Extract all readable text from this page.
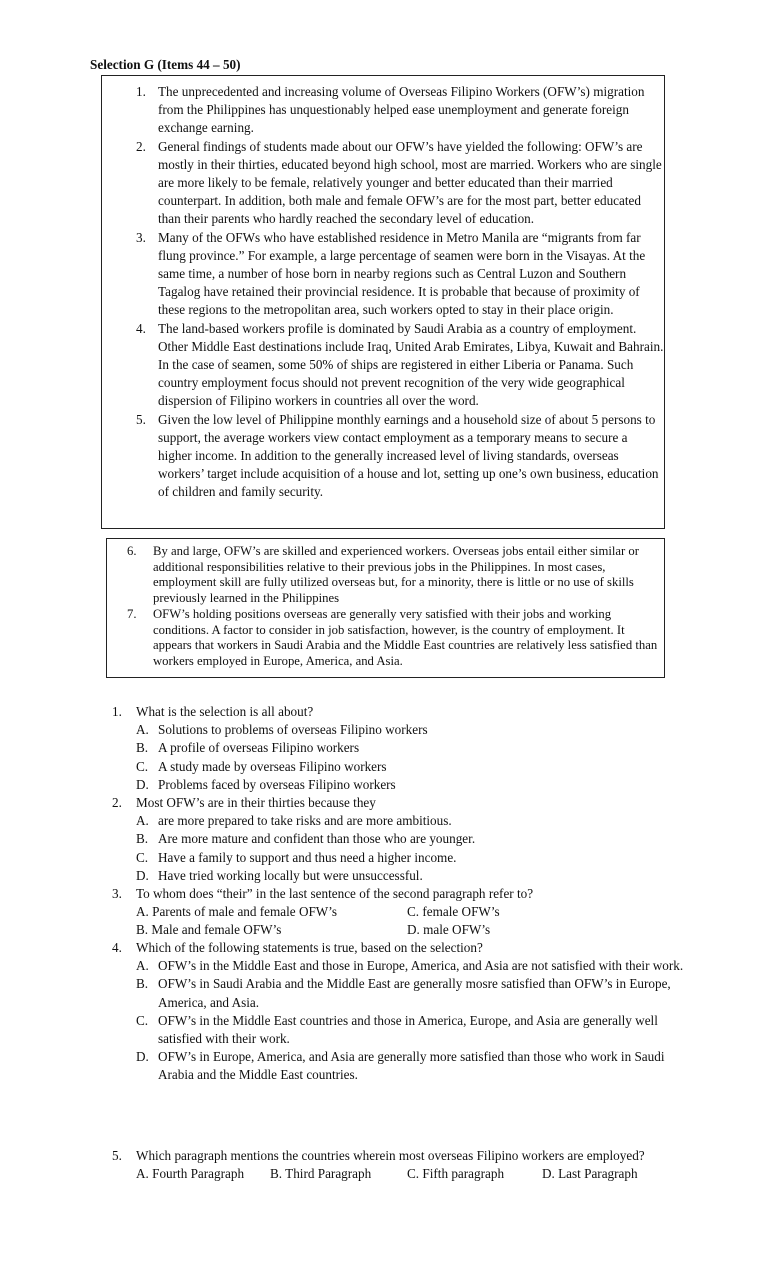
Selection G (Items 44 – 50)
1. The unprecedented and increasing volume of Overseas Filipino Workers (OFW’s) migration from the Philippines has unquestionably helped ease unemployment and generate foreign exchange earning.
2. General findings of students made about our OFW’s have yielded the following: OFW’s are mostly in their thirties, educated beyond high school, most are married. Workers who are single are more likely to be female, relatively younger and better educated than their married counterpart. In addition, both male and female OFW’s are for the most part, better educated than their parents who hardly reached the secondary level of education.
3. Many of the OFWs who have established residence in Metro Manila are “migrants from far flung province.” For example, a large percentage of seamen were born in the Visayas. At the same time, a number of hose born in nearby regions such as Central Luzon and Southern Tagalog have retained their provincial residence. It is probable that because of proximity of these regions to the metropolitan area, such workers opted to stay in their place origin.
4. The land-based workers profile is dominated by Saudi Arabia as a country of employment. Other Middle East destinations include Iraq, United Arab Emirates, Libya, Kuwait and Bahrain. In the case of seamen, some 50% of ships are registered in either Liberia or Panama. Such country employment focus should not prevent recognition of the very wide geographical dispersion of Filipino workers in countries all over the word.
5. Given the low level of Philippine monthly earnings and a household size of about 5 persons to support, the average workers view contact employment as a temporary means to secure a higher income. In addition to the generally increased level of living standards, overseas workers’ target include acquisition of a house and lot, setting up one’s own business, education of children and family security.
6. By and large, OFW’s are skilled and experienced workers. Overseas jobs entail either similar or additional responsibilities relative to their previous jobs in the Philippines. In most cases, employment skill are fully utilized overseas but, for a minority, there is little or no use of skills previously learned in the Philippines
7. OFW’s holding positions overseas are generally very satisfied with their jobs and working conditions. A factor to consider in job satisfaction, however, is the country of employment. It appears that workers in Saudi Arabia and the Middle East countries are relatively less satisfied than workers employed in Europe, America, and Asia.
1. What is the selection is all about?
A. Solutions to problems of overseas Filipino workers
B. A profile of overseas Filipino workers
C. A study made by overseas Filipino workers
D. Problems faced by overseas Filipino workers
2. Most OFW’s are in their thirties because they
A. are more prepared to take risks and are more ambitious.
B. Are more mature and confident than those who are younger.
C. Have a family to support and thus need a higher income.
D. Have tried working locally but were unsuccessful.
3. To whom does “their” in the last sentence of the second paragraph refer to?
A. Parents of male and female OFW’s	C. female OFW’s
B. Male and female OFW’s	D. male OFW’s
4. Which of the following statements is true, based on the selection?
A. OFW’s in the Middle East and those in Europe, America, and Asia are not satisfied with their work.
B. OFW’s in Saudi Arabia and the Middle East are generally mosre satisfied than OFW’s in Europe, America, and Asia.
C. OFW’s in the Middle East countries and those in America, Europe, and Asia are generally well satisfied with their work.
D. OFW’s in Europe, America, and Asia are generally more satisfied than those who work in Saudi Arabia and the Middle East countries.
5. Which paragraph mentions the countries wherein most overseas Filipino workers are employed?
A. Fourth Paragraph B. Third Paragraph	C. Fifth paragraph	D. Last Paragraph
